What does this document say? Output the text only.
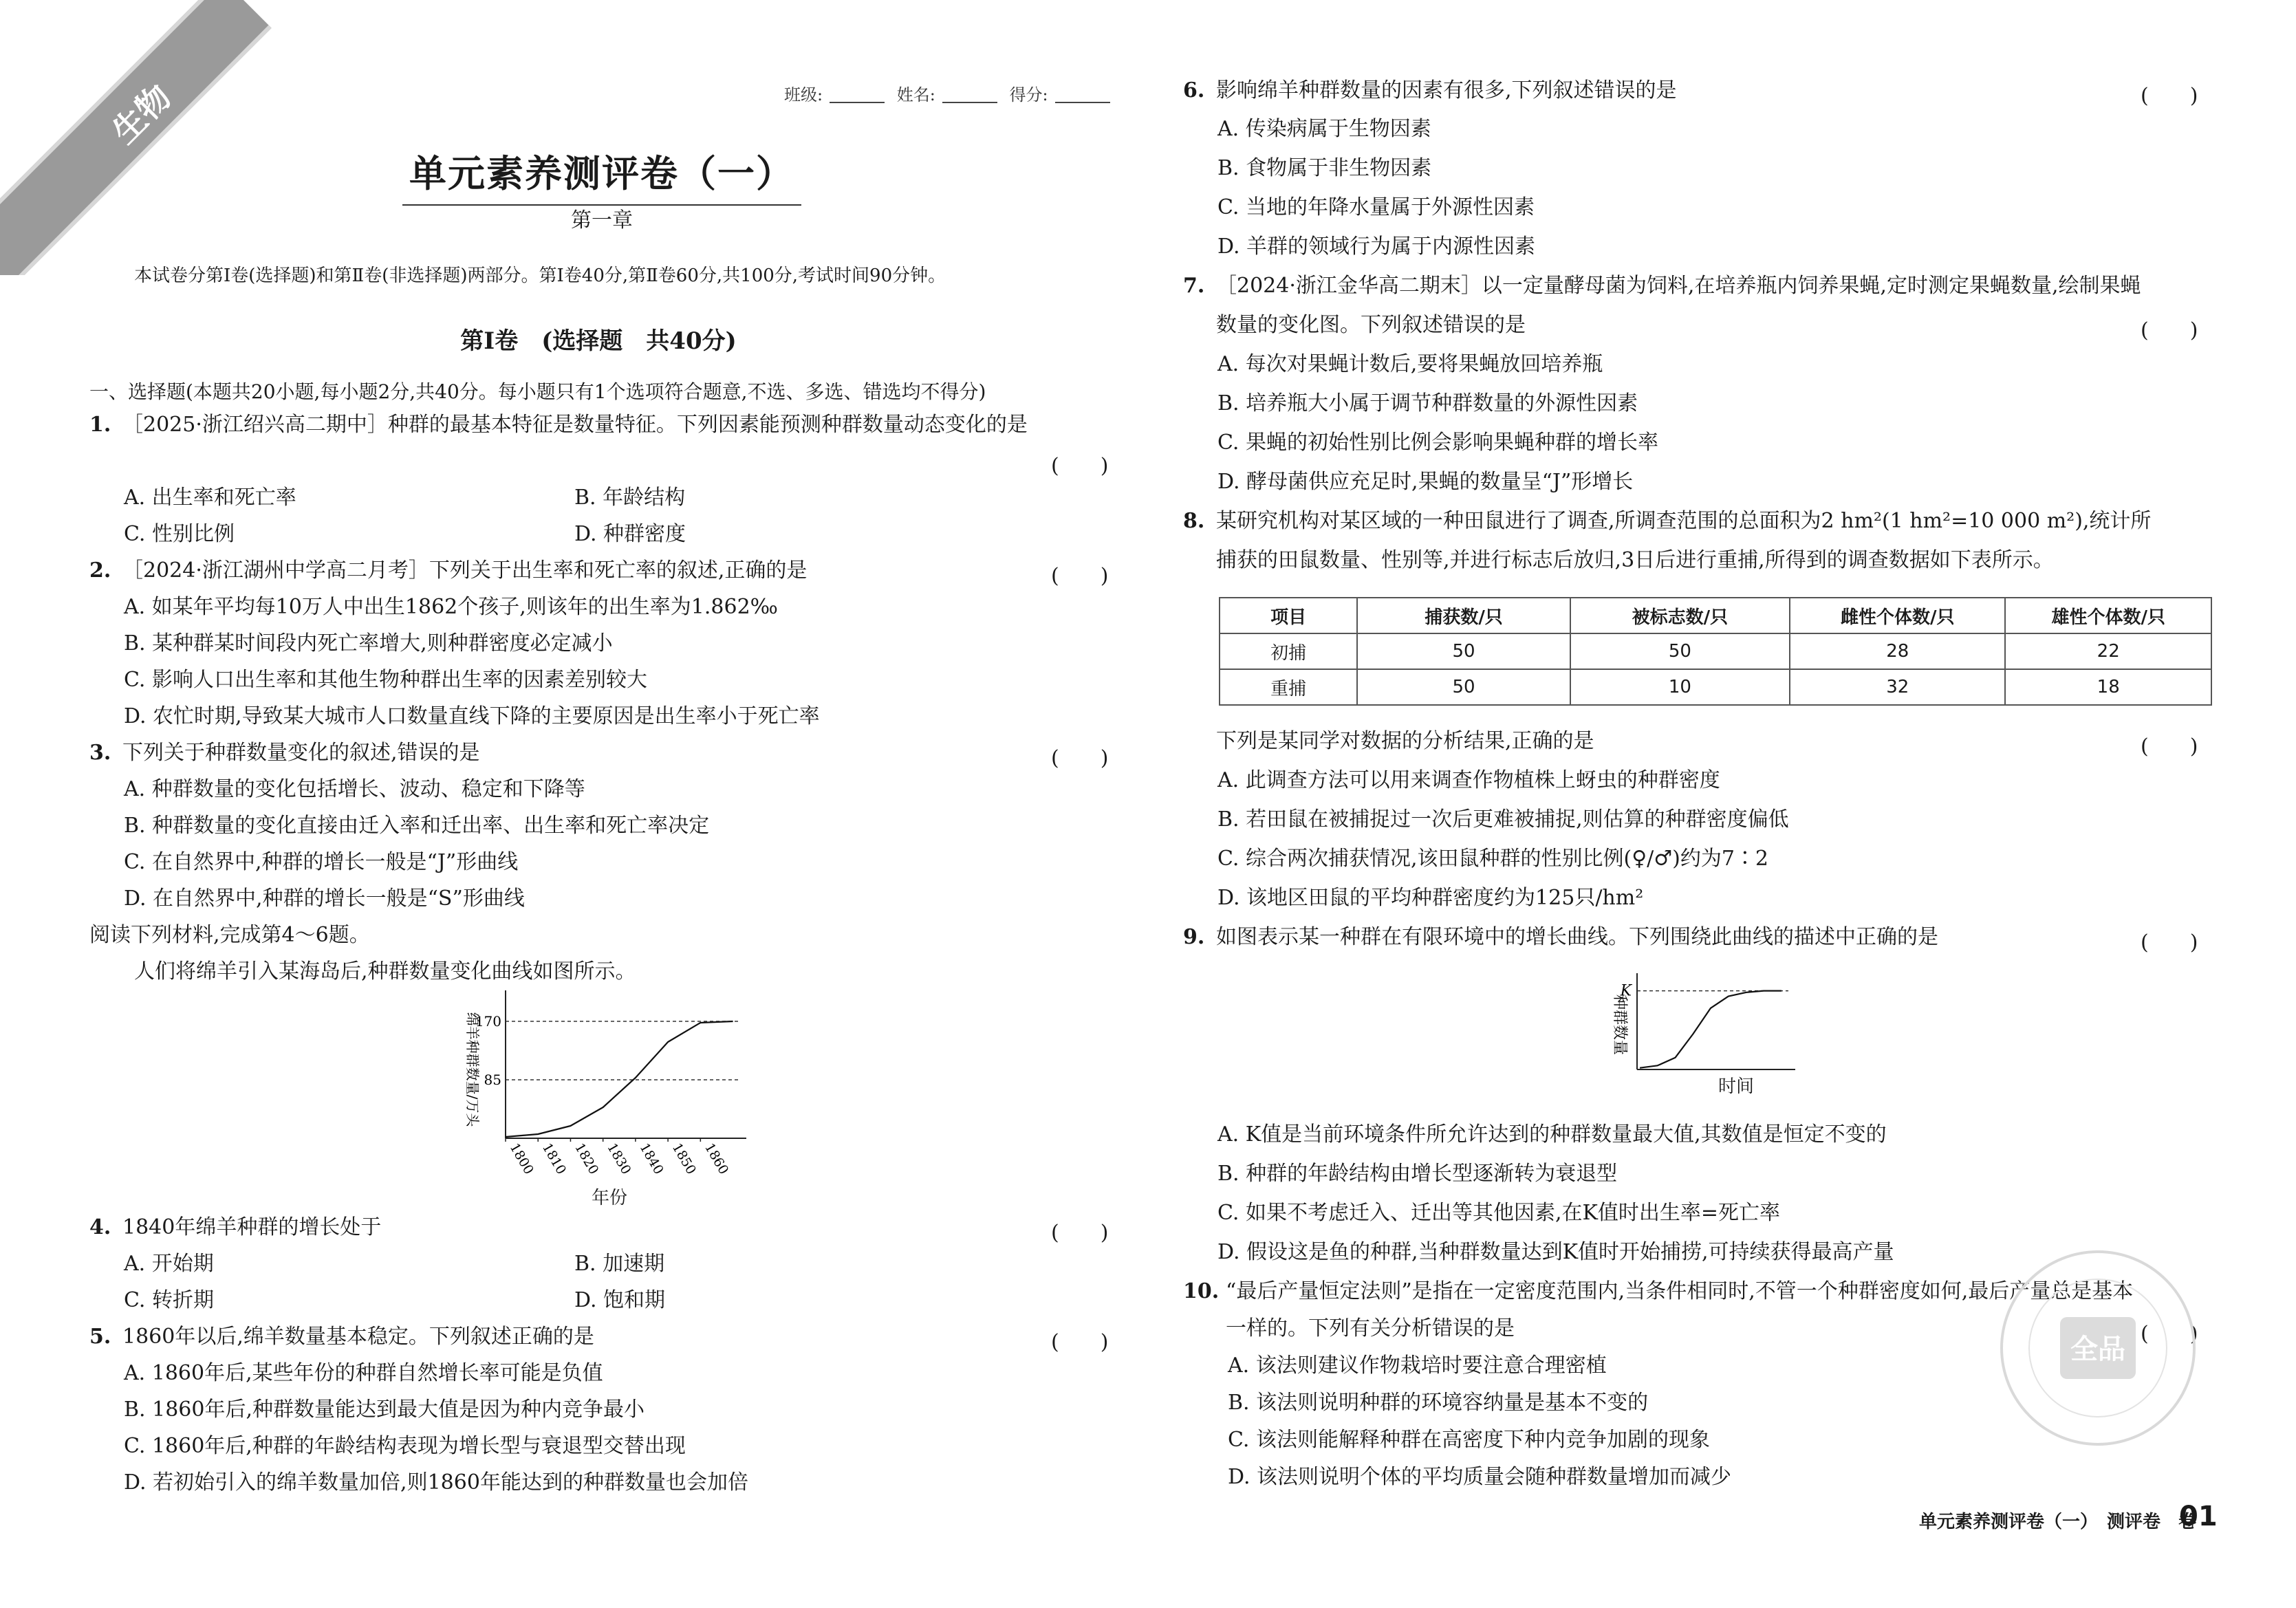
生物	班级:	姓名:	得分:
单元素养测评卷（一）
第一章
本试卷分第Ⅰ卷(选择题)和第Ⅱ卷(非选择题)两部分。第Ⅰ卷40分,第Ⅱ卷60分,共100分,考试时间90分钟。
第Ⅰ卷　(选择题　共40分)
一、选择题(本题共20小题,每小题2分,共40分。每小题只有1个选项符合题意,不选、多选、错选均不得分)
1. ［2025·浙江绍兴高二期中］种群的最基本特征是数量特征。下列因素能预测种群数量动态变化的是
(　　)
A. 出生率和死亡率	B. 年龄结构
C. 性别比例	D. 种群密度
2. ［2024·浙江湖州中学高二月考］下列关于出生率和死亡率的叙述,正确的是	(　　)
A. 如某年平均每10万人中出生1862个孩子,则该年的出生率为1.862‰
B. 某种群某时间段内死亡率增大,则种群密度必定减小
C. 影响人口出生率和其他生物种群出生率的因素差别较大
D. 农忙时期,导致某大城市人口数量直线下降的主要原因是出生率小于死亡率
3. 下列关于种群数量变化的叙述,错误的是	(　　)
A. 种群数量的变化包括增长、波动、稳定和下降等
B. 种群数量的变化直接由迁入率和迁出率、出生率和死亡率决定
C. 在自然界中,种群的增长一般是“J”形曲线
D. 在自然界中,种群的增长一般是“S”形曲线
阅读下列材料,完成第4～6题。
人们将绵羊引入某海岛后,种群数量变化曲线如图所示。
85
170
1800 1810 1820 1830 1840 1850 1860
绵羊种群数量/万头
年份
4. 1840年绵羊种群的增长处于	(　　)
A. 开始期	B. 加速期
C. 转折期	D. 饱和期
5. 1860年以后,绵羊数量基本稳定。下列叙述正确的是	(　　)
A. 1860年后,某些年份的种群自然增长率可能是负值
B. 1860年后,种群数量能达到最大值是因为种内竞争最小
C. 1860年后,种群的年龄结构表现为增长型与衰退型交替出现
D. 若初始引入的绵羊数量加倍,则1860年能达到的种群数量也会加倍
6. 影响绵羊种群数量的因素有很多,下列叙述错误的是	(　　)
A. 传染病属于生物因素
B. 食物属于非生物因素
C. 当地的年降水量属于外源性因素
D. 羊群的领域行为属于内源性因素
7. ［2024·浙江金华高二期末］以一定量酵母菌为饲料,在培养瓶内饲养果蝇,定时测定果蝇数量,绘制果蝇
数量的变化图。下列叙述错误的是	(　　)
A. 每次对果蝇计数后,要将果蝇放回培养瓶
B. 培养瓶大小属于调节种群数量的外源性因素
C. 果蝇的初始性别比例会影响果蝇种群的增长率
D. 酵母菌供应充足时,果蝇的数量呈“J”形增长
8. 某研究机构对某区域的一种田鼠进行了调查,所调查范围的总面积为2 hm²(1 hm²=10 000 m²),统计所
捕获的田鼠数量、性别等,并进行标志后放归,3日后进行重捕,所得到的调查数据如下表所示。
项目	捕获数/只	被标志数/只	雌性个体数/只	雄性个体数/只
初捕	50	50	28	22
重捕	50	10	32	18
下列是某同学对数据的分析结果,正确的是	(　　)
A. 此调查方法可以用来调查作物植株上蚜虫的种群密度
B. 若田鼠在被捕捉过一次后更难被捕捉,则估算的种群密度偏低
C. 综合两次捕获情况,该田鼠种群的性别比例(♀/♂)约为7∶2
D. 该地区田鼠的平均种群密度约为125只/hm²
9. 如图表示某一种群在有限环境中的增长曲线。下列围绕此曲线的描述中正确的是	(　　)
K
种群数量
时间
A. K值是当前环境条件所允许达到的种群数量最大值,其数值是恒定不变的
B. 种群的年龄结构由增长型逐渐转为衰退型
C. 如果不考虑迁入、迁出等其他因素,在K值时出生率=死亡率
D. 假设这是鱼的种群,当种群数量达到K值时开始捕捞,可持续获得最高产量
10. “最后产量恒定法则”是指在一定密度范围内,当条件相同时,不管一个种群密度如何,最后产量总是基本
一样的。下列有关分析错误的是	(　　)
A. 该法则建议作物栽培时要注意合理密植
B. 该法则说明种群的环境容纳量是基本不变的
C. 该法则能解释种群在高密度下种内竞争加剧的现象
D. 该法则说明个体的平均质量会随种群数量增加而减少
全品
单元素养测评卷（一）　测评卷　卷
01
